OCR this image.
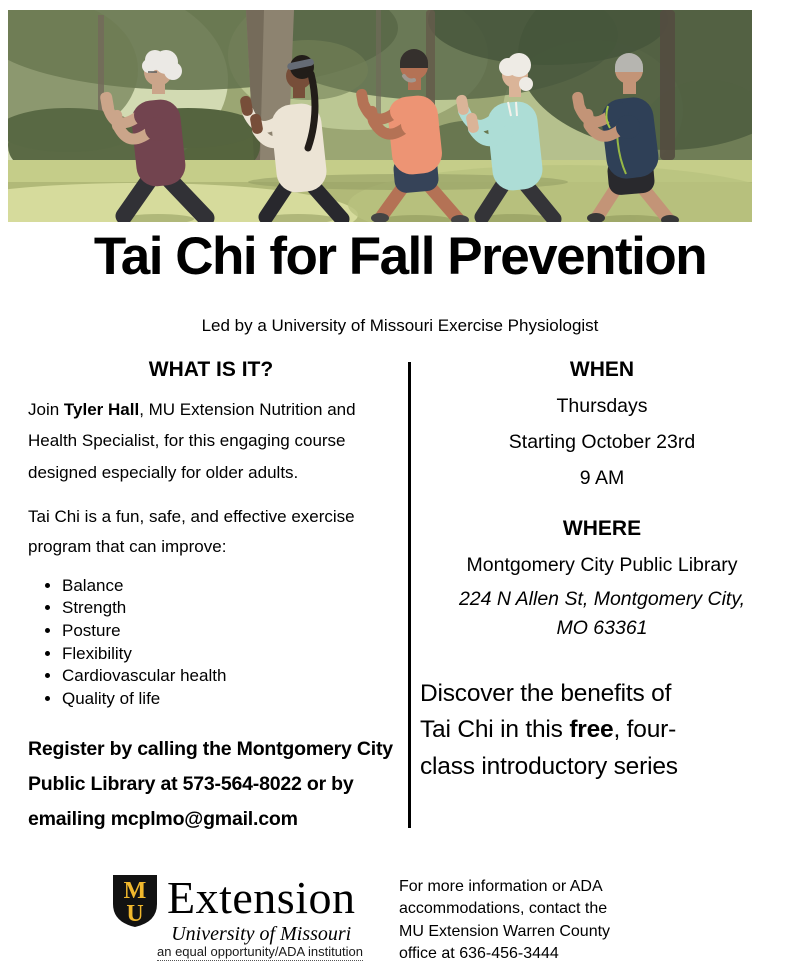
Tai Chi for Fall Prevention
Led by a University of Missouri Exercise Physiologist
WHAT IS IT?

Join Tyler Hall, MU Extension Nutrition and Health Specialist, for this engaging course designed especially for older adults.

Tai Chi is a fun, safe, and effective exercise program that can improve:

• Balance
• Strength
• Posture
• Flexibility
• Cardiovascular health
• Quality of life
Register by calling the Montgomery City Public Library at 573-564-8022 or by emailing mcplmo@gmail.com
WHEN
Thursdays
Starting October 23rd
9 AM
WHERE
Montgomery City Public Library
224 N Allen St, Montgomery City,
MO 63361
Discover the benefits of
Tai Chi in this free, four-
class introductory series
M
U Extension
University of Missouri
an equal opportunity/ADA institution
For more information or ADA
accommodations, contact the
MU Extension Warren County
office at 636-456-3444
